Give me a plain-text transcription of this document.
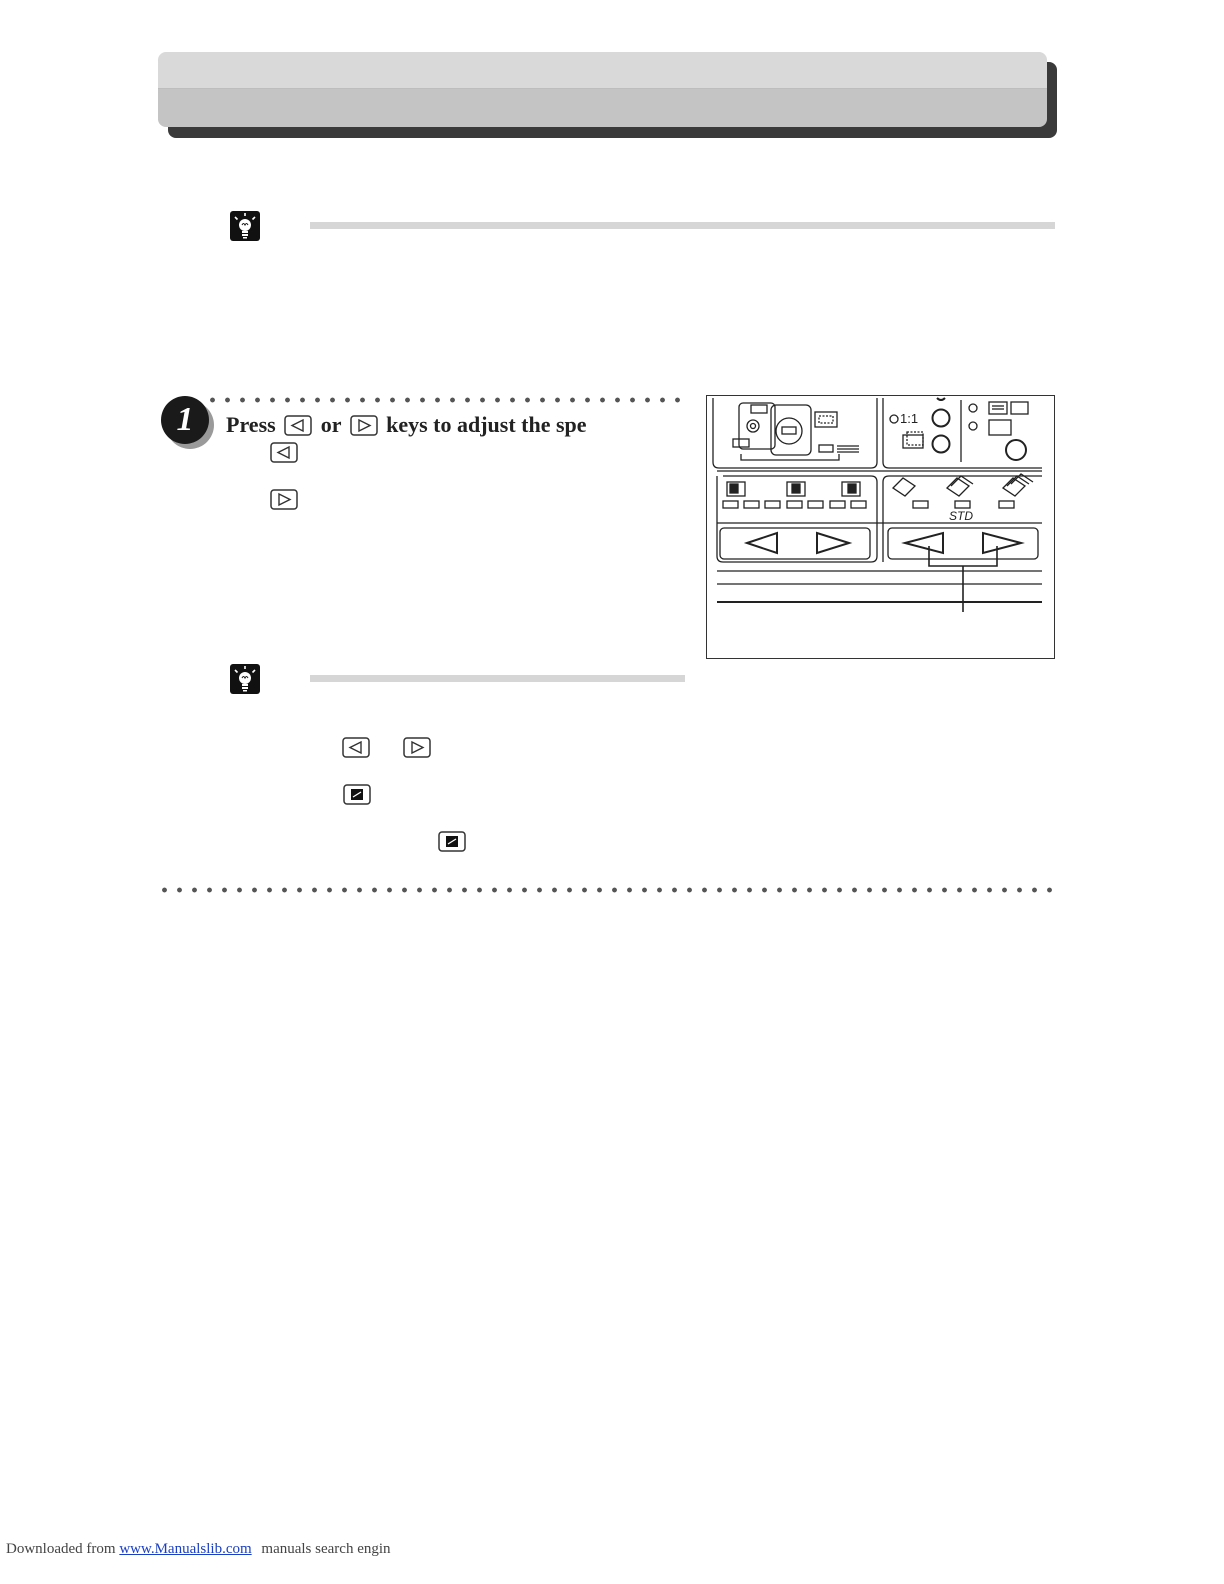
1	Press or keys to adjust the spe	1:1
STD
Downloaded from www.Manualslib.com manuals search engin
